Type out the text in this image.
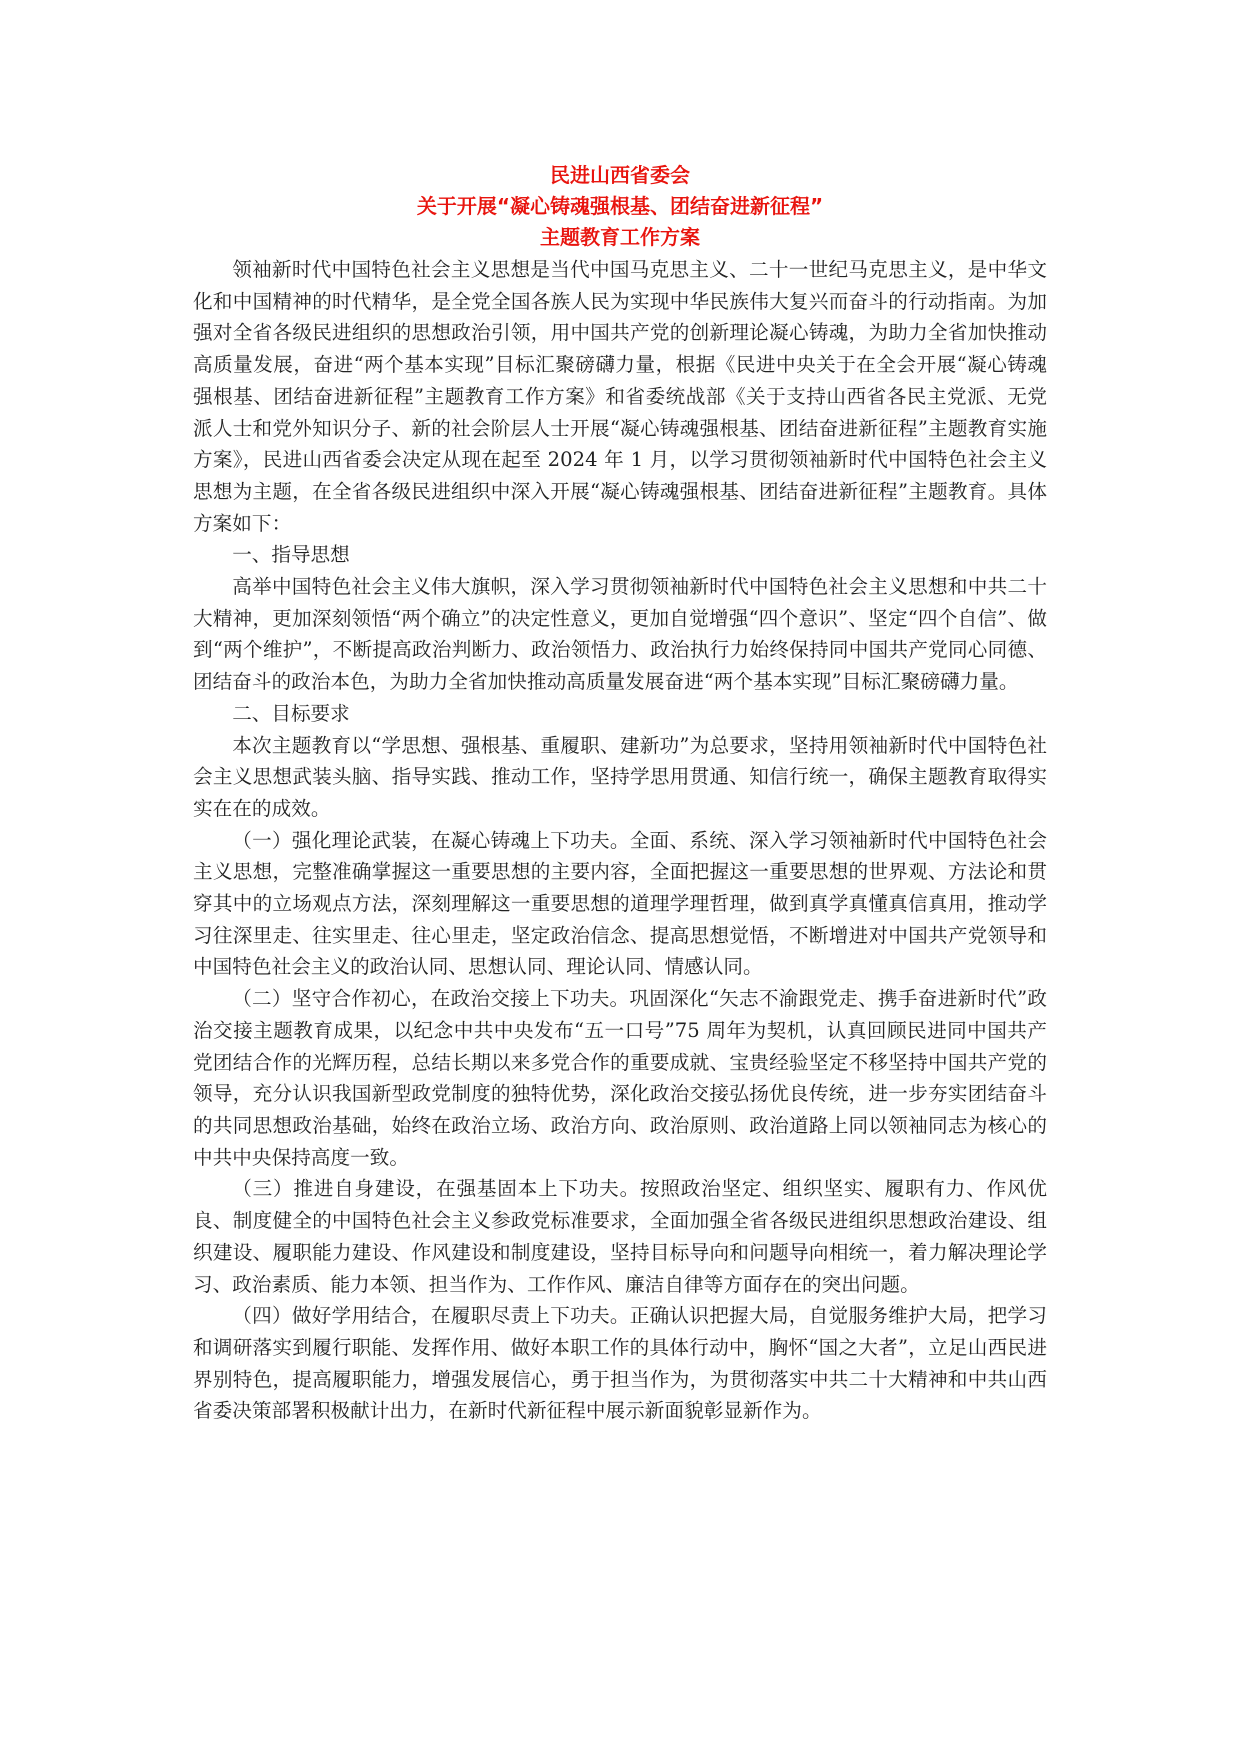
民进山西省委会

关于开展“凝心铸魂强根基、团结奋进新征程”

主题教育工作方案

领袖新时代中国特色社会主义思想是当代中国马克思主义、二十一世纪马克思主义，是中华文化和中国精神的时代精华，是全党全国各族人民为实现中华民族伟大复兴而奋斗的行动指南。为加强对全省各级民进组织的思想政治引领，用中国共产党的创新理论凝心铸魂，为助力全省加快推动高质量发展，奋进“两个基本实现”目标汇聚磅礴力量，根据《民进中央关于在全会开展“凝心铸魂强根基、团结奋进新征程”主题教育工作方案》和省委统战部《关于支持山西省各民主党派、无党派人士和党外知识分子、新的社会阶层人士开展“凝心铸魂强根基、团结奋进新征程”主题教育实施方案》，民进山西省委会决定从现在起至 2024 年 1 月，以学习贯彻领袖新时代中国特色社会主义思想为主题，在全省各级民进组织中深入开展“凝心铸魂强根基、团结奋进新征程”主题教育。具体方案如下：

一、指导思想

高举中国特色社会主义伟大旗帜，深入学习贯彻领袖新时代中国特色社会主义思想和中共二十大精神，更加深刻领悟“两个确立”的决定性意义，更加自觉增强“四个意识”、坚定“四个自信”、做到“两个维护”，不断提高政治判断力、政治领悟力、政治执行力始终保持同中国共产党同心同德、团结奋斗的政治本色，为助力全省加快推动高质量发展奋进“两个基本实现”目标汇聚磅礴力量。

二、目标要求

本次主题教育以“学思想、强根基、重履职、建新功”为总要求，坚持用领袖新时代中国特色社会主义思想武装头脑、指导实践、推动工作，坚持学思用贯通、知信行统一，确保主题教育取得实实在在的成效。

（一）强化理论武装，在凝心铸魂上下功夫。全面、系统、深入学习领袖新时代中国特色社会主义思想，完整准确掌握这一重要思想的主要内容，全面把握这一重要思想的世界观、方法论和贯穿其中的立场观点方法，深刻理解这一重要思想的道理学理哲理，做到真学真懂真信真用，推动学习往深里走、往实里走、往心里走，坚定政治信念、提高思想觉悟，不断增进对中国共产党领导和中国特色社会主义的政治认同、思想认同、理论认同、情感认同。

（二）坚守合作初心，在政治交接上下功夫。巩固深化“矢志不渝跟党走、携手奋进新时代”政治交接主题教育成果，以纪念中共中央发布“五一口号”75 周年为契机，认真回顾民进同中国共产党团结合作的光辉历程，总结长期以来多党合作的重要成就、宝贵经验坚定不移坚持中国共产党的领导，充分认识我国新型政党制度的独特优势，深化政治交接弘扬优良传统，进一步夯实团结奋斗的共同思想政治基础，始终在政治立场、政治方向、政治原则、政治道路上同以领袖同志为核心的中共中央保持高度一致。

（三）推进自身建设，在强基固本上下功夫。按照政治坚定、组织坚实、履职有力、作风优良、制度健全的中国特色社会主义参政党标准要求，全面加强全省各级民进组织思想政治建设、组织建设、履职能力建设、作风建设和制度建设，坚持目标导向和问题导向相统一，着力解决理论学习、政治素质、能力本领、担当作为、工作作风、廉洁自律等方面存在的突出问题。

（四）做好学用结合，在履职尽责上下功夫。正确认识把握大局，自觉服务维护大局，把学习和调研落实到履行职能、发挥作用、做好本职工作的具体行动中，胸怀“国之大者”，立足山西民进界别特色，提高履职能力，增强发展信心，勇于担当作为，为贯彻落实中共二十大精神和中共山西省委决策部署积极献计出力，在新时代新征程中展示新面貌彰显新作为。
